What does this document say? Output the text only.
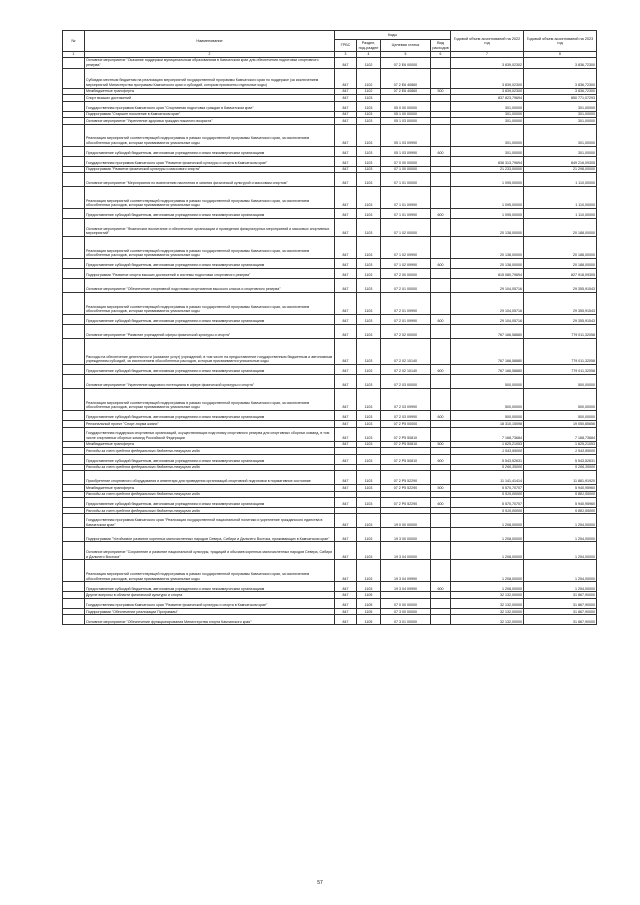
№	Наименование	Коды				Годовой объем ассигнований на 2022 год	Годовой объем ассигнований на 2023 год
		ГРБС	Раздел, под-раздел	Целевая статья	Вид расходов		
1	2	3	4	5	6	7	8
	Основное мероприятие "Оказание поддержки муниципальным образованиям в Камчатском крае для обеспечения подготовки спортивного резерва"	847	1102	07 2 Е6 00000		3 839,02302	3 836,72300
	Субсидии местным бюджетам на реализацию мероприятий государственной программы Камчатского края по поддержке (за исключением мероприятий Министерства программы Камчатского края и субсидий, которым присвоены отдельные коды)	847	1102	07 2 Е6 40860		3 839,02300	3 836,72300
	Межбюджетные трансферты	847	1102	07 2 Е6 40860	500	3 839,02300	3 836,72300
	Спорт высших достижений	847	1103			837 823,79694	850 771,07293
	Государственная программа Камчатского края "Спортивная подготовка граждан в Камчатском крае"	847	1103	05 0 00 00000		301,00000	301,00000
	Подпрограмма "Старшее поколение в Камчатском крае"	847	1103	05 1 00 00000		301,00000	301,00000
	Основное мероприятие "Укрепление здоровья граждан пожилого возраста"	847	1103	05 1 03 00000		301,00000	301,00000
	Реализация мероприятий соответствующей подпрограммы в рамках государственной программы Камчатского края, за исключением обособленных расходов, которым присваиваются уникальные коды	847	1103	05 1 03 09990		301,00000	301,00000
	Предоставление субсидий бюджетным, автономным учреждениям и иным некоммерческим организациям	847	1103	05 1 03 09990	600	301,00000	301,00000
	Государственная программа Камчатского края "Развитие физической культуры и спорта в Камчатском крае"	847	1103	07 0 00 00000		836 313,79694	849 216,09305
	Подпрограмма "Развитие физической культуры и массового спорта"	847	1103	07 1 00 00000		21 233,00000	21 298,00000
	Основное мероприятие "Мероприятия по вовлечению населения в занятия физической культурой и массовым спортом"	847	1103	07 1 01 00000		1 095,00000	1 110,00000
	Реализация мероприятий соответствующей подпрограммы в рамках государственной программы Камчатского края, за исключением обособленных расходов, которым присваиваются уникальные коды	847	1103	07 1 01 09990		1 095,00000	1 110,00000
	Предоставление субсидий бюджетным, автономным учреждениям и иным некоммерческим организациям	847	1103	07 1 01 09990	600	1 095,00000	1 110,00000
	Основное мероприятие "Физическое воспитание и обеспечение организации и проведения физкультурных мероприятий и массовых спортивных мероприятий"	847	1103	07 1 02 00000		20 138,00000	20 188,00000
	Реализация мероприятий соответствующей подпрограммы в рамках государственной программы Камчатского края, за исключением обособленных расходов, которым присваиваются уникальные коды	847	1103	07 1 02 09990		20 138,00000	20 188,00000
	Предоставление субсидий бюджетным, автономным учреждениям и иным некоммерческим организациям	847	1103	07 1 02 09990	600	20 138,00000	20 188,00000
	Подпрограмма "Развитие спорта высших достижений и системы подготовки спортивного резерва"	847	1103	07 2 00 00000		815 080,79694	827 918,09305
	Основное мероприятие "Обеспечение спортивной подготовки спортсменов высокого класса и спортивного резерва"	847	1103	07 2 01 00000		29 104,05716	29 355,91543
	Реализация мероприятий соответствующей подпрограммы в рамках государственной программы Камчатского края, за исключением обособленных расходов, которым присваиваются уникальные коды	847	1103	07 2 01 09990		29 104,05716	29 355,91543
	Предоставление субсидий бюджетным, автономным учреждениям и иным некоммерческим организациям	847	1103	07 2 01 09990	600	29 104,05716	29 355,91543
	Основное мероприятие "Развитие учреждений сферы физической культуры и спорта"	847	1103	07 2 02 00000		767 166,58880	779 011,32058
	Расходы на обеспечение деятельности (оказание услуг) учреждений, в том числе на предоставление государственным бюджетным и автономным учреждениям субсидий, за исключением обособленных расходов, которым присваиваются уникальные коды	847	1103	07 2 02 10140		767 166,58880	779 011,32058
	Предоставление субсидий бюджетным, автономным учреждениям и иным некоммерческим организациям	847	1103	07 2 02 10140	600	767 166,58880	779 011,32058
	Основное мероприятие "Укрепление кадрового потенциала в сфере физической культуры и спорта"	847	1103	07 2 03 00000		500,00000	500,00000
	Реализация мероприятий соответствующей подпрограммы в рамках государственной программы Камчатского края, за исключением обособленных расходов, которым присваиваются уникальные коды	847	1103	07 2 03 09990		500,00000	500,00000
	Предоставление субсидий бюджетным, автономным учреждениям и иным некоммерческим организациям	847	1103	07 2 03 09990	600	500,00000	500,00000
	Региональный проект "Спорт-норма жизни"	847	1103	07 2 Р5 00000		18 310,15098	19 050,85656
	Государственная поддержка спортивных организаций, осуществляющих подготовку спортивного резерва для спортивных сборных команд, в том числе спортивных сборных команд Российской Федерации	847	1103	07 2 Р5 50810		7 168,73684	7 168,73684
	Межбюджетные трансферты	847	1103	07 2 Р5 50810	500	1 625,21053	1 625,21053
	Расходы за счет средств федерального бюджета текущего года					1 543,95000	1 543,95000
	Предоставление субсидий бюджетным, автономным учреждениям и иным некоммерческим организациям	847	1103	07 2 Р5 50810	600	5 543,52631	5 543,52631
	Расходы за счет средств федерального бюджета текущего года					5 266,35000	5 266,35000
	Приобретение спортивного оборудования и инвентаря для приведения организаций спортивной подготовки в нормативное состояние	847	1103	07 2 Р5 52290		11 141,41414	11 881,91920
	Межбюджетные трансферты	847	1103	07 2 Р5 52290	500	5 570,70707	5 940,95960
	Расходы за счет средств федерального бюджета текущего года					5 515,00000	5 881,55000
	Предоставление субсидий бюджетным, автономным учреждениям и иным некоммерческим организациям	847	1103	07 2 Р5 52290	600	5 570,70707	5 940,95960
	Расходы за счет средств федерального бюджета текущего года					5 515,00000	5 881,55000
	Государственная программа Камчатского края "Реализация государственной национальной политики и укрепление гражданского единства в Камчатском крае"	847	1103	19 0 00 00000		1 208,00000	1 254,00000
	Подпрограмма "Устойчивое развитие коренных малочисленных народов Севера, Сибири и Дальнего Востока, проживающих в Камчатском крае"	847	1103	19 3 00 00000		1 208,00000	1 254,00000
	Основное мероприятие "Сохранение и развитие национальной культуры, традиций и обычаев коренных малочисленных народов Севера, Сибири и Дальнего Востока"	847	1103	19 3 04 00000		1 208,00000	1 254,00000
	Реализация мероприятий соответствующей подпрограммы в рамках государственной программы Камчатского края, за исключением обособленных расходов, которым присваиваются уникальные коды	847	1103	19 3 04 09990		1 208,00000	1 254,00000
	Предоставление субсидий бюджетным, автономным учреждениям и иным некоммерческим организациям	847	1103	19 3 04 09990	600	1 208,00000	1 254,00000
	Другие вопросы в области физической культуры и спорта	847	1105			32 132,00000	31 867,90000
	Государственная программа Камчатского края "Развитие физической культуры и спорта в Камчатском крае"	847	1105	07 0 00 00000		32 132,00000	31 867,90000
	Подпрограмма "Обеспечение реализации Программы"	847	1105	07 3 00 00000		32 132,00000	31 867,90000
	Основное мероприятие "Обеспечение функционирования Министерства спорта Камчатского края"	847	1105	07 3 01 00000		32 132,00000	31 867,90000
57
